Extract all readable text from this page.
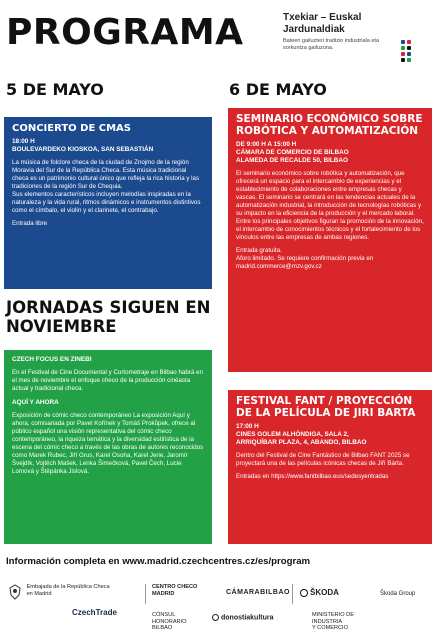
PROGRAMA	Txekiar – Euskal
Jardunaldiak
Bateen gailuzteri tradizio industriala eta sorkuntza gailuzuna.
5 DE MAYO	6 DE MAYO
CONCIERTO DE CMAS
18:00 H
BOULEVARDEKO KIOSKOA, SAN SEBASTIÁN
La música de folclore checa de la ciudad de Znojmo de la región Moravia del Sur de la República Checa. Esta música tradicional checa es un patrimonio cultural único que refleja la rica historia y las tradiciones de la región Sur de Chequia.
Sus elementos característicos incluyen melodías inspiradas en la naturaleza y la vida rural, ritmos dinámicos e instrumentos distintivos como el címbalo, el violín y el clarinete, el contrabajo.
Entrada libre
SEMINARIO ECONÓMICO SOBRE ROBÓTICA Y AUTOMATIZACIÓN
DE 9:00 H A 15:00 H
CÁMARA DE COMERCIO DE BILBAO
ALAMEDA DE RECALDE 50, BILBAO
El seminario económico sobre robótica y automatización, que ofrecerá un espacio para el intercambio de experiencias y el establecimiento de colaboraciones entre empresas checas y vascas. El seminario se centrará en las tendencias actuales de la automatización industrial, la introducción de tecnologías robóticas y su impacto en la eficiencia de la producción y el mercado laboral. Entre los principales objetivos figuran la promoción de la innovación, el intercambio de conocimientos técnicos y el fortalecimiento de los vínculos entre las empresas de ambas regiones.
Entrada gratuita.
Aforo limitado. Se requiere confirmación previa en madrid.commerce@mzv.gov.cz
JORNADAS SIGUEN EN NOVIEMBRE
CZECH FOCUS EN ZINEBI
En el Festival de Cine Documental y Cortometraje en Bilbao habrá en el mes de noviembre el enfoque checo de la producción cinéasta actual y tradicional checa.
AQUÍ Y AHORA
Exposición de cómic checo contemporáneo La exposición Aquí y ahora, comisariada por Pavel Kořínek y Tomáš Prokůpek, ofrece al público español una visión representativa del cómic checo contemporáneo, la riqueza temática y la diversidad estilística de la escena del cómic checo a través de las obras de autores reconocidos como Marek Rubec, Jiří Grus, Karel Osoha, Karel Jerie, Jaromír Švejdík, Vojtěch Mašek, Lenka Šimečková, Pavel Čech, Lucie Lomová y Štěpánka Jislová.
FESTIVAL FANT / PROYECCIÓN DE LA PELÍCULA DE JIRI BARTA
17:00 H
CINES GOLEM ALHÓNDIGA, SALA 2,
ARRIQUÍBAR PLAZA, 4, ABANDO, BILBAO
Dentro del Festival de Cine Fantástico de Bilbao FANT 2025 se proyectará una de las películas icónicas checas de Jiří Bárta.
Entradas en https://www.fantbilbao.eus/sedesyentradas
Información completa en www.madrid.czechcentres.cz/es/program
Embajada de la República Checa
en Madrid
CzechTrade
CENTRO CHECO
MADRID
CÓNSUL
HONORARIO
BILBAO
CÁMARABILBAO
donostiakultura
ŠKODA	Škoda Group
MINISTERIO DE
INDUSTRIA
Y COMERCIO
